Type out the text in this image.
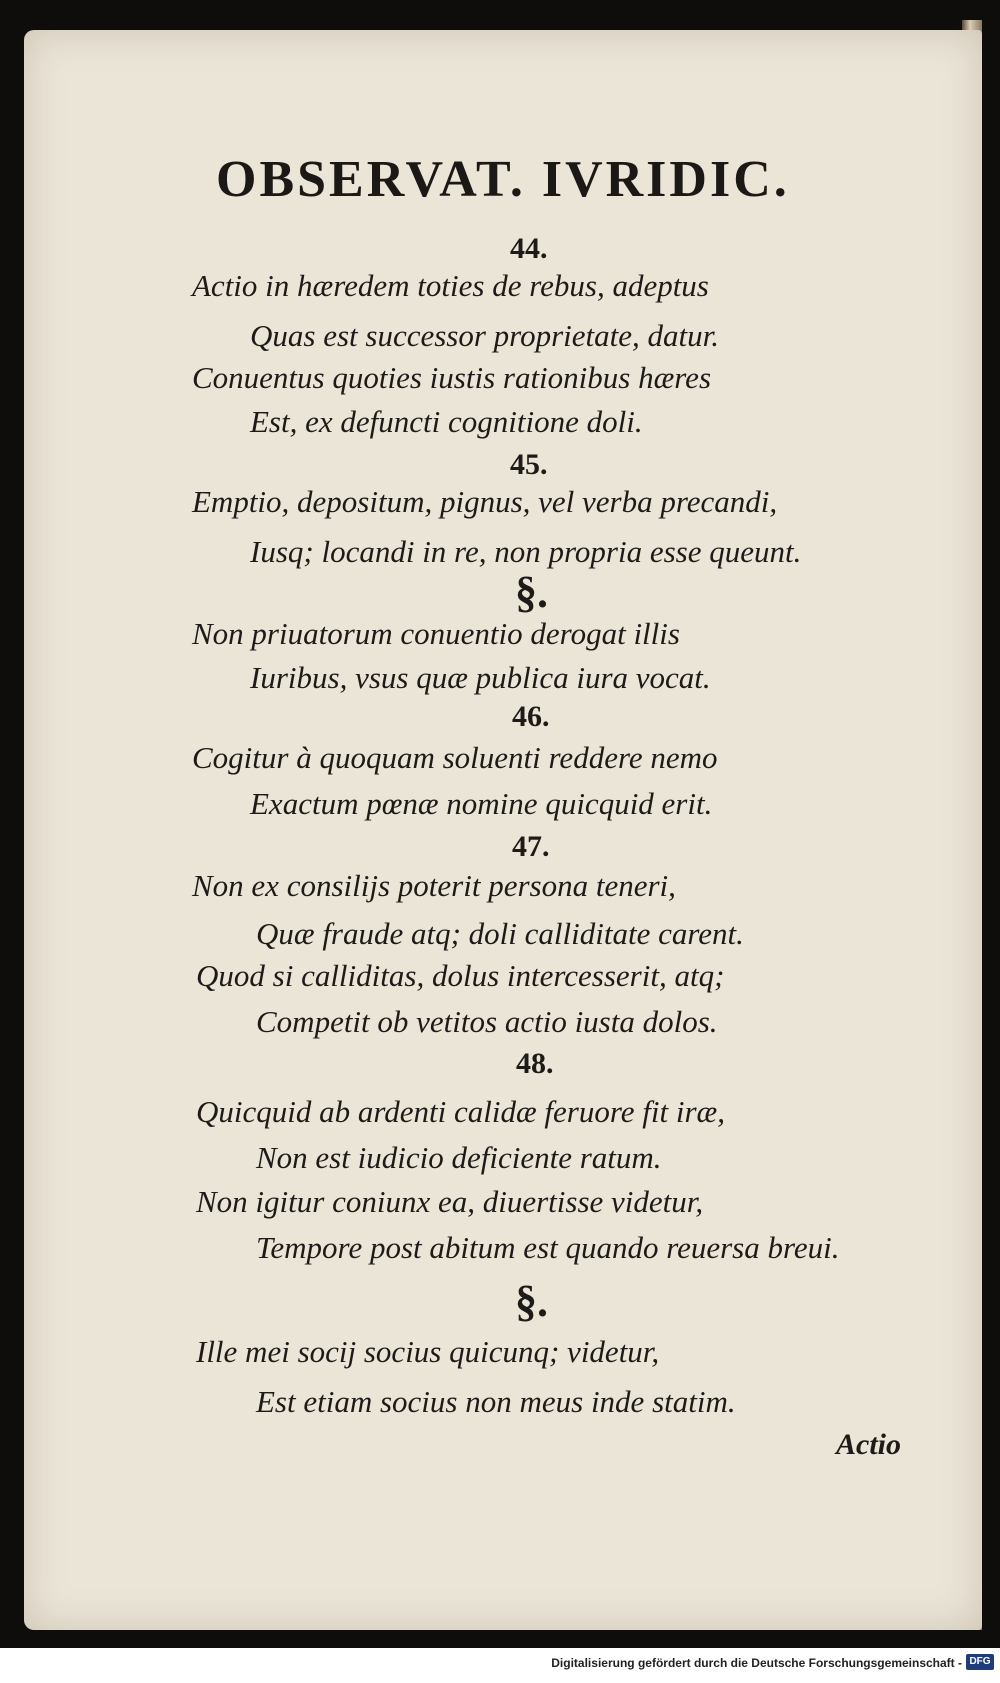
OBSERVAT. IVRIDIC.
44.
Actio in hæredem toties de rebus, adeptus
Quas est successor proprietate, datur.
Conuentus quoties iustis rationibus hæres
Est, ex defuncti cognitione doli.
45.
Emptio, depositum, pignus, vel verba precandi,
Iusq; locandi in re, non propria esse queunt.
§.
Non priuatorum conuentio derogat illis
Iuribus, vsus quæ publica iura vocat.
46.
Cogitur à quoquam soluenti reddere nemo
Exactum pœnæ nomine quicquid erit.
47.
Non ex consilijs poterit persona teneri,
Quæ fraude atq; doli calliditate carent.
Quod si calliditas, dolus intercesserit, atq;
Competit ob vetitos actio iusta dolos.
48.
Quicquid ab ardenti calidæ feruore fit iræ,
Non est iudicio deficiente ratum.
Non igitur coniunx ea, diuertisse videtur,
Tempore post abitum est quando reuersa breui.
§.
Ille mei socij socius quicunq; videtur,
Est etiam socius non meus inde statim.
Actio
Digitalisierung gefördert durch die Deutsche Forschungsgemeinschaft - DFG
